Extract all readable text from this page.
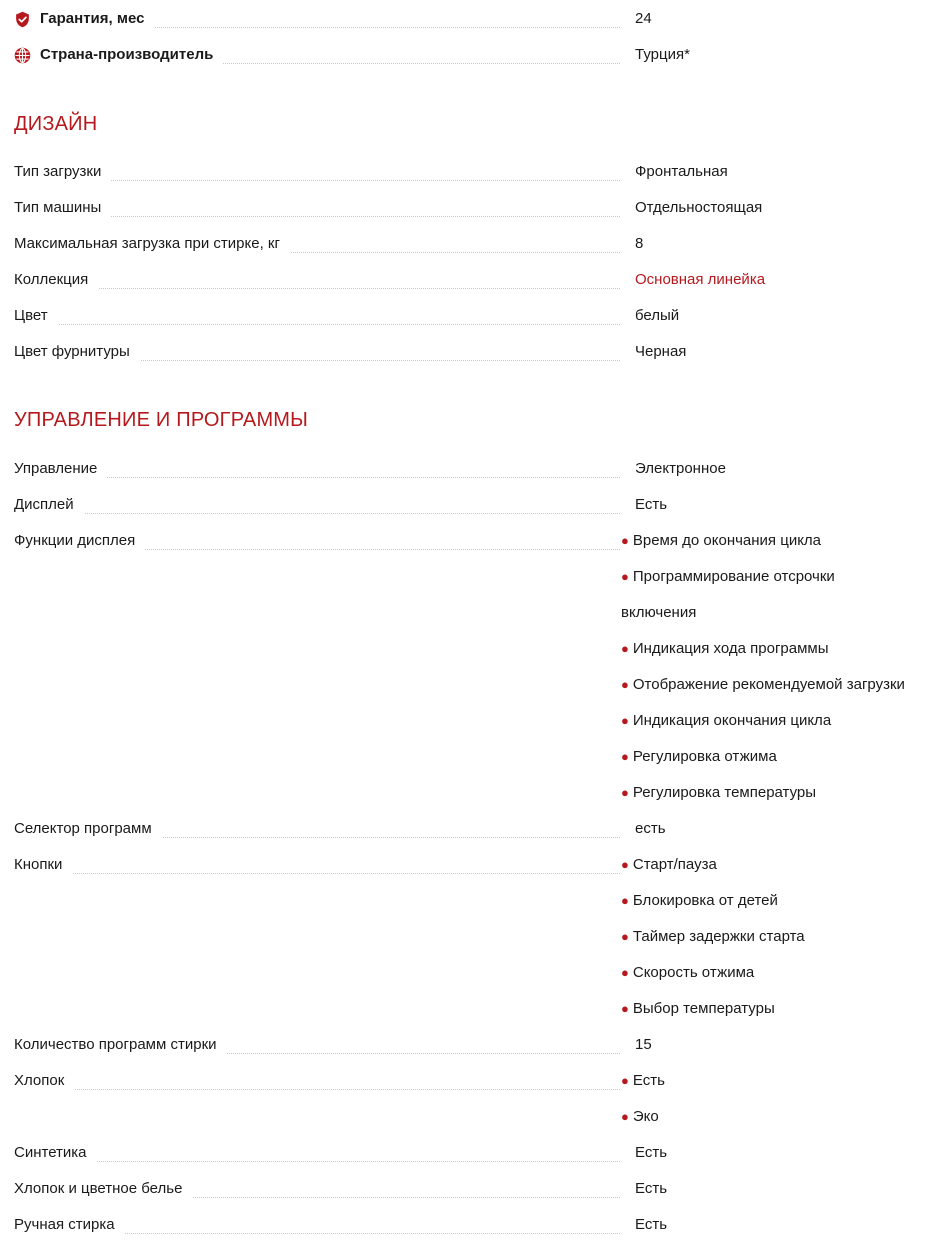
Гарантия, мес	24
Страна-производитель	Турция*
ДИЗАЙН
Тип загрузки	Фронтальная
Тип машины	Отдельностоящая
Максимальная загрузка при стирке, кг	8
Коллекция	Основная линейка
Цвет	белый
Цвет фурнитуры	Черная
УПРАВЛЕНИЕ И ПРОГРАММЫ
Управление	Электронное
Дисплей	Есть
Функции дисплея	● Время до окончания цикла
● Программирование отсрочки
включения
● Индикация хода программы
● Отображение рекомендуемой загрузки
● Индикация окончания цикла
● Регулировка отжима
● Регулировка температуры
Селектор программ	есть
Кнопки	● Старт/пауза
● Блокировка от детей
● Таймер задержки старта
● Скорость отжима
● Выбор температуры
Количество программ стирки	15
Хлопок	● Есть
● Эко
Синтетика	Есть
Хлопок и цветное белье	Есть
Ручная стирка	Есть
